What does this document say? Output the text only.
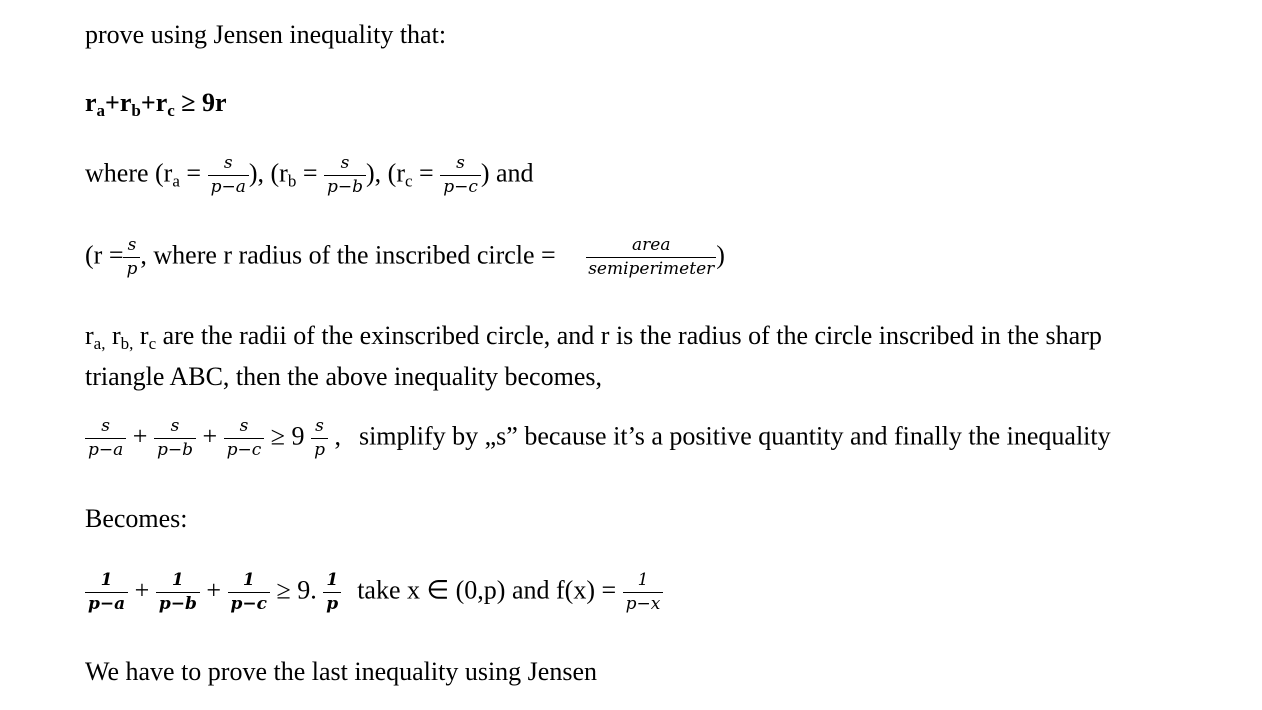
prove using Jensen inequality that:
$r_a+r_b+r_c \ge 9r$
where ($r_a = \frac{s}{p-a}$ ), ($r_b = \frac{s}{p-b}$ ), ($r_c = \frac{s}{p-c}$ ) and
($r = \frac{s}{p}$ , where r radius of the inscribed circle = $\frac{\text{area}}{\text{semiperimeter}}$ )
$r_{a,}$ $r_{b,}$ $r_c$ are the radii of the exinscribed circle, and r is the radius of the circle inscribed in the sharp
triangle ABC, then the above inequality becomes,
$\frac{s}{p-a} + \frac{s}{p-b} + \frac{s}{p-c} \ge 9 \frac{s}{p}$ , simplify by „s” because it’s a positive quantity and finally the inequality
Becomes:
$\frac{1}{p-a} + \frac{1}{p-b} + \frac{1}{p-c} \ge 9$. $\frac{1}{p}$ take x ∈ (0,p) and $f(x) = \frac{1}{p-x}$
We have to prove the last inequality using Jensen
